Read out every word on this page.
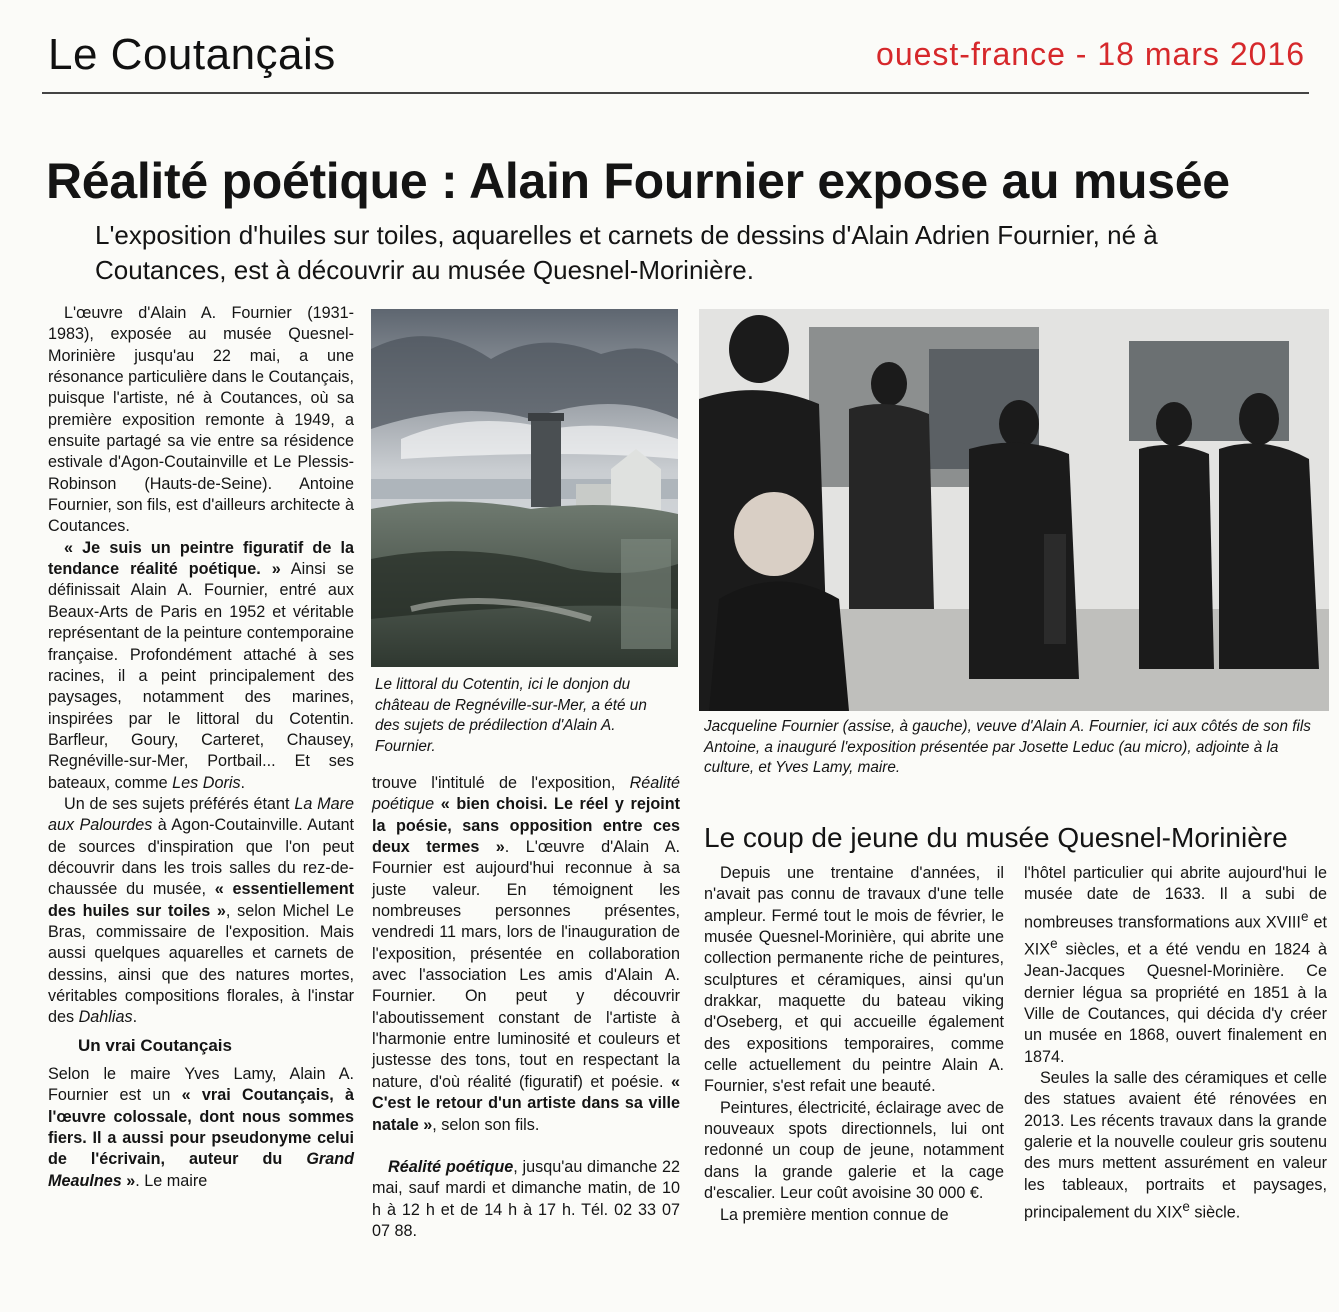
Le Coutançais	ouest-france - 18 mars 2016
Réalité poétique : Alain Fournier expose au musée
L'exposition d'huiles sur toiles, aquarelles et carnets de dessins d'Alain Adrien Fournier, né à Coutances, est à découvrir au musée Quesnel-Morinière.

L'œuvre d'Alain A. Fournier (1931-1983), exposée au musée Quesnel-Morinière jusqu'au 22 mai, a une résonance particulière dans le Coutançais, puisque l'artiste, né à Coutances, où sa première exposition remonte à 1949, a ensuite partagé sa vie entre sa résidence estivale d'Agon-Coutainville et Le Plessis-Robinson (Hauts-de-Seine). Antoine Fournier, son fils, est d'ailleurs architecte à Coutances.

« Je suis un peintre figuratif de la tendance réalité poétique. » Ainsi se définissait Alain A. Fournier, entré aux Beaux-Arts de Paris en 1952 et véritable représentant de la peinture contemporaine française. Profondément attaché à ses racines, il a peint principalement des paysages, notamment des marines, inspirées par le littoral du Cotentin. Barfleur, Goury, Carteret, Chausey, Regnéville-sur-Mer, Portbail... Et ses bateaux, comme Les Doris.

Un de ses sujets préférés étant La Mare aux Palourdes à Agon-Coutainville. Autant de sources d'inspiration que l'on peut découvrir dans les trois salles du rez-de-chaussée du musée, « essentiellement des huiles sur toiles », selon Michel Le Bras, commissaire de l'exposition. Mais aussi quelques aquarelles et carnets de dessins, ainsi que des natures mortes, véritables compositions florales, à l'instar des Dahlias.

Un vrai Coutançais

Selon le maire Yves Lamy, Alain A. Fournier est un « vrai Coutançais, à l'œuvre colossale, dont nous sommes fiers. Il a aussi pour pseudonyme celui de l'écrivain, auteur du Grand Meaulnes ». Le maire

Le littoral du Cotentin, ici le donjon du château de Regnéville-sur-Mer, a été un des sujets de prédilection d'Alain A. Fournier.
Jacqueline Fournier (assise, à gauche), veuve d'Alain A. Fournier, ici aux côtés de son fils Antoine, a inauguré l'exposition présentée par Josette Leduc (au micro), adjointe à la culture, et Yves Lamy, maire.

trouve l'intitulé de l'exposition, Réalité poétique « bien choisi. Le réel y rejoint la poésie, sans opposition entre ces deux termes ». L'œuvre d'Alain A. Fournier est aujourd'hui reconnue à sa juste valeur. En témoignent les nombreuses personnes présentes, vendredi 11 mars, lors de l'inauguration de l'exposition, présentée en collaboration avec l'association Les amis d'Alain A. Fournier. On peut y découvrir l'aboutissement constant de l'artiste à l'harmonie entre luminosité et couleurs et justesse des tons, tout en respectant la nature, d'où réalité (figuratif) et poésie. « C'est le retour d'un artiste dans sa ville natale », selon son fils.

Réalité poétique, jusqu'au dimanche 22 mai, sauf mardi et dimanche matin, de 10 h à 12 h et de 14 h à 17 h. Tél. 02 33 07 07 88.

Le coup de jeune du musée Quesnel-Morinière

Depuis une trentaine d'années, il n'avait pas connu de travaux d'une telle ampleur. Fermé tout le mois de février, le musée Quesnel-Morinière, qui abrite une collection permanente riche de peintures, sculptures et céramiques, ainsi qu'un drakkar, maquette du bateau viking d'Oseberg, et qui accueille également des expositions temporaires, comme celle actuellement du peintre Alain A. Fournier, s'est refait une beauté.

Peintures, électricité, éclairage avec de nouveaux spots directionnels, lui ont redonné un coup de jeune, notamment dans la grande galerie et la cage d'escalier. Leur coût avoisine 30 000 €.

La première mention connue de

l'hôtel particulier qui abrite aujourd'hui le musée date de 1633. Il a subi de nombreuses transformations aux XVIIIe et XIXe siècles, et a été vendu en 1824 à Jean-Jacques Quesnel-Morinière. Ce dernier légua sa propriété en 1851 à la Ville de Coutances, qui décida d'y créer un musée en 1868, ouvert finalement en 1874.

Seules la salle des céramiques et celle des statues avaient été rénovées en 2013. Les récents travaux dans la grande galerie et la nouvelle couleur gris soutenu des murs mettent assurément en valeur les tableaux, portraits et paysages, principalement du XIXe siècle.
